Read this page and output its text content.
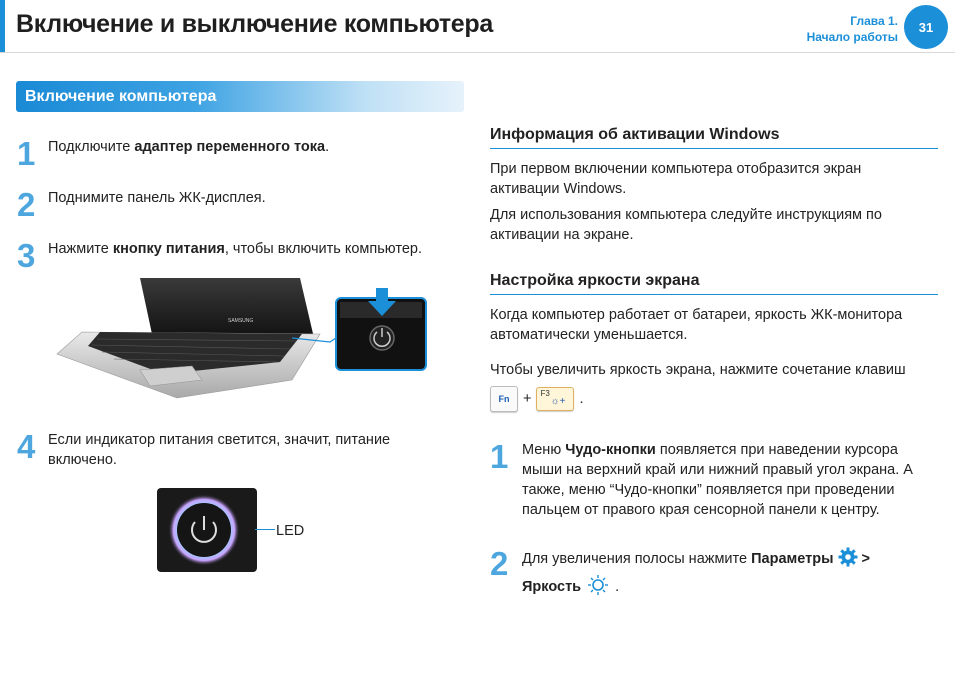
Включение и выключение компьютера	Глава 1.
Начало работы
31
Включение компьютера
1 Подключите адаптер переменного тока.
2 Поднимите панель ЖК-дисплея.
3 Нажмите кнопку питания, чтобы включить компьютер.
SAMSUNG
4 Если индикатор питания светится, значит, питание включено.
LED
Информация об активации Windows
При первом включении компьютера отобразится экран активации Windows.
Для использования компьютера следуйте инструкциям по активации на экране.
Настройка яркости экрана
Когда компьютер работает от батареи, яркость ЖК-монитора автоматически уменьшается.
Чтобы увеличить яркость экрана, нажмите сочетание клавиш
Fn + F3
☼+ .
1 Меню Чудо-кнопки появляется при наведении курсора мыши на верхний край или нижний правый угол экрана. А также, меню “Чудо-кнопки” появляется при проведении пальцем от правого края сенсорной панели к центру.
2 Для увеличения полосы нажмите Параметры  >
Яркость .
